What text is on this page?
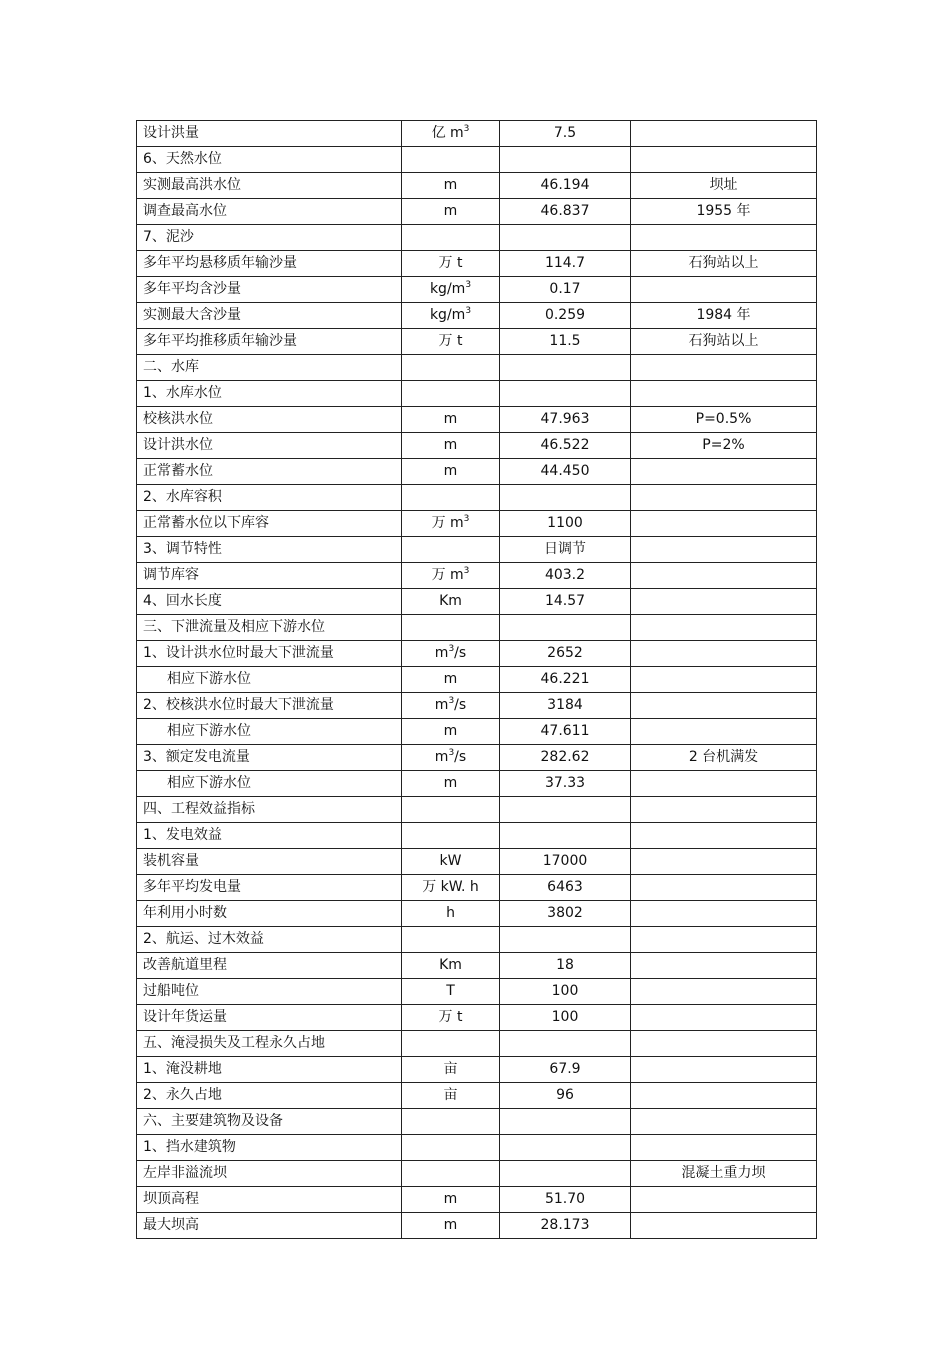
设计洪量	亿 $m^3$	7.5	
6、天然水位			
实测最高洪水位	m	46.194	坝址
调查最高水位	m	46.837	1955 年
7、泥沙			
多年平均悬移质年输沙量	万 t	114.7	石狗站以上
多年平均含沙量	$kg/m^3$	0.17	
实测最大含沙量	$kg/m^3$	0.259	1984 年
多年平均推移质年输沙量	万 t	11.5	石狗站以上
二、水库			
1、水库水位			
校核洪水位	m	47.963	P=0.5%
设计洪水位	m	46.522	P=2%
正常蓄水位	m	44.450	
2、水库容积			
正常蓄水位以下库容	万 $m^3$	1100	
3、调节特性		日调节	
调节库容	万 $m^3$	403.2	
4、回水长度	Km	14.57	
三、下泄流量及相应下游水位			
1、设计洪水位时最大下泄流量	$m^3/s$	2652	
相应下游水位	m	46.221	
2、校核洪水位时最大下泄流量	$m^3/s$	3184	
相应下游水位	m	47.611	
3、额定发电流量	$m^3/s$	282.62	2 台机满发
相应下游水位	m	37.33	
四、工程效益指标			
1、发电效益			
装机容量	kW	17000	
多年平均发电量	万 kW. h	6463	
年利用小时数	h	3802	
2、航运、过木效益			
改善航道里程	Km	18	
过船吨位	T	100	
设计年货运量	万 t	100	
五、淹浸损失及工程永久占地			
1、淹没耕地	亩	67.9	
2、永久占地	亩	96	
六、主要建筑物及设备			
1、挡水建筑物			
左岸非溢流坝			混凝土重力坝
坝顶高程	m	51.70	
最大坝高	m	28.173	
